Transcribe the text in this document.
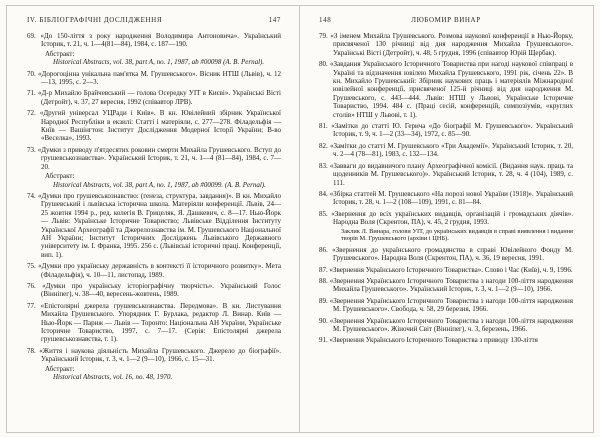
IV. БІБЛІОГРАФІЧНІ ДОСЛІДЖЕННЯ	147

69. «До 150-ліття з року народження Володимира Антоновича». Український Історик, т. 21, ч. 1—4(81—84), 1984, с. 187—190.

Абстракт:
Historical Abstracts, vol. 38, part A, no. 1, 1987, ab #00098 (А. В. Pernal).

70. «Дорогоцінна унікальна пам'ятка М. Грушевського». Вісник НТШ (Львів), ч. 12—13, 1995, с. 2—3.

71. «Д-р Михайло Брайчевський — голова Осередку УІТ в Києві». Українські Вісті (Детройт), ч. 37, 27 вересня, 1992 (співавтор ЛРВ).

72. «Другий універсал УЦРади і Київ». В кн. Ювілейний збірник Української Народної Республіки в екзилі: Статті і матеріяли, с. 277—278. Філадельфія — Київ — Вашінгтон: Інститут Дослідження Модерної Історії України; В-во «Веселка», 1993.

73. «Думки з приводу п'ятдесятих роковин смерти Михайла Грушевського. Вступ до грушевськознавства». Український Історик, т. 21, ч. 1—4 (81—84), 1984, с. 7—20.

Абстракт:
Historical Abstracts, vol. 38, part A, no. 1, 1987, ab #00099. (А. В. Pernal).

74. «Думки про грушевськознавство: (генеза, структура, завдання)». В кн. Михайло Грушевський і львівська історична школа. Матеріяли конференції. Львів, 24—25 жовтня 1994 р., ред. колегія В. Грицеляк, Я. Дашкевич, с. 8—17. Нью-Йорк — Львів: Українське Історичне Товариство; Львівське Відділення Інституту Української Археографії та Джерелознавства ім. М. Грушевського Національної АН України; Інститут Історичних Досліджень Львівського Державного університету ім. І. Франка, 1995. 256 с. (Львівські історичні праці. Конференції, вип. 1).

75. «Думки про українську державність в контексті її історичного розвитку». Мета (Філадельфія), ч. 10—11, листопад, 1989.

76. «Думки про українську історіографічну творчість». Український Голос (Вінніпег), ч. 38—40, вересень-жовтень, 1989.

77. «Епістолярні джерела грушевськознавства. Передмова». В кн. Листування Михайла Грушевського. Упорядник Г. Бурлака, редактор Л. Винар. Київ — Нью-Йорк — Париж — Львів — Торонто: Національна АН України, Українське Історичне Товариство, 1997, с. 7—17. (Серія: Епістолярні джерела грушевськознавства, т. 1).

78. «Життя і наукова діяльність Михайла Грушевського. Джерело до біографії». Український Історик, т. 3, ч. 1—2 (9—10), 1966, с. 15—31.

Абстракт:
Historical Abstracts, vol. 16, no. 48, 1970.
148	ЛЮБОМИР ВИНАР

79. «З іменем Михайла Грушевського. Розмова наукової конференції в Нью-Йорку, присвяченої 130 річниці від дня народження Михайла Грушевського». Українські Вісті (Детройт), ч. 48, 5 грудня, 1996 (співавтор Юрій Щербак).

80. «Завдання Українського Історичного Товариства при нагоді наукової співпраці в Україні та відзначення ювілею Михайла Грушевського, 1991 рік, січень 22». В кн. Михайло Грушевський: Збірник наукових праць і матеріялів Міжнародної ювілейної конференції, присвяченої 125-й річниці від дня народження М. Грушевського, с. 443—444. Львів: НТШ у Львові, Українське Історичне Товариство, 1994. 484 с. (Праці сесій, конференцій, симпозіумів, «круглих столів» НТШ у Львові, т. 1).

81. «Замітки до статті Ю. Герича «До біографії М. Грушевського». Український Історик, т. 9, ч. 1—2 (33—34), 1972, с. 85—90.

82. «Замітки до статті М. Грушевського «Три Академії». Український Історик, т. 20, ч. 2—4 (78—81), 1983, с. 132—134.

83. «Завваги до видавничого плану Археографічної комісії. (Видання наук. праць та щоденників М. Грушевського)». Український Історик, т. 28, ч. 4 (104), 1989, с. 111.

84. «Збірка статтей М. Грушевського «На порозі нової України (1918)». Український Історик, т. 28, ч. 1—2 (108—109), 1991, с. 81—84.

85. «Звернення до всіх українських видавців, організацій і громадських діячів». Народна Воля (Скрентон, ПА), ч. 45, 2 грудня, 1993.

Заклик Л. Винара, голови УІТ, до українських видавців в справі виявлення і видання творів М. Грушевського (архіви і ЦНБ).

86. «Звернення до українського громадянства в справі Ювілейного Фонду М. Грушевського». Народна Воля (Скрентон, ПА), ч. 36, 19 вересня, 1991.

87. «Звернення Українського Історичного Товариства». Слово і Час (Київ), ч. 9, 1996.

88. «Звернення Українського Історичного Товариства з нагоди 100-ліття народження Михайла Грушевського». Український Історик, т. 3, ч. 1—2 (9—10), 1966.

89. «Звернення Українського Історичного Товариства з нагоди 100-ліття народження М. Грушевського». Свобода, ч. 58, 29 березня, 1966.

90. «Звернення Українського Історичного Товариства з нагоди 100-ліття народження М. Грушевського». Жіночий Світ (Вінніпег), ч. 3, березень, 1966.

91. «Звернення Українського Історичного Товариства з приводу 130-ліття
